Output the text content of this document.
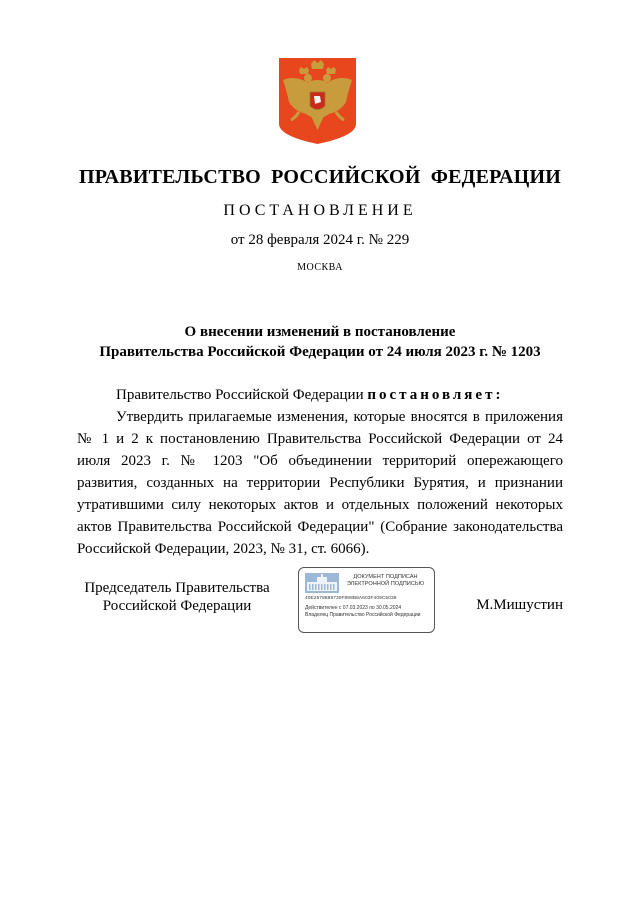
ПРАВИТЕЛЬСТВО РОССИЙСКОЙ ФЕДЕРАЦИИ
ПОСТАНОВЛЕНИЕ
от 28 февраля 2024 г. № 229
МОСКВА
О внесении изменений в постановление
Правительства Российской Федерации от 24 июля 2023 г. № 1203

Правительство Российской Федерации постановляет:

Утвердить прилагаемые изменения, которые вносятся в приложения № 1 и 2 к постановлению Правительства Российской Федерации от 24 июля 2023 г. № 1203 "Об объединении территорий опережающего развития, созданных на территории Республики Бурятия, и признании утратившими силу некоторых актов и отдельных положений некоторых актов Правительства Российской Федерации" (Собрание законодательства Российской Федерации, 2023, № 31, ст. 6066).

Председатель Правительства
Российской Федерации
ДОКУМЕНТ ПОДПИСАН
ЭЛЕКТРОННОЙ ПОДПИСЬЮ
40E2578888730F888B8A603F409C5038
Действителен с 07.03.2023 по 30.05.2024
Владелец Правительство Российской Федерации
М.Мишустин
